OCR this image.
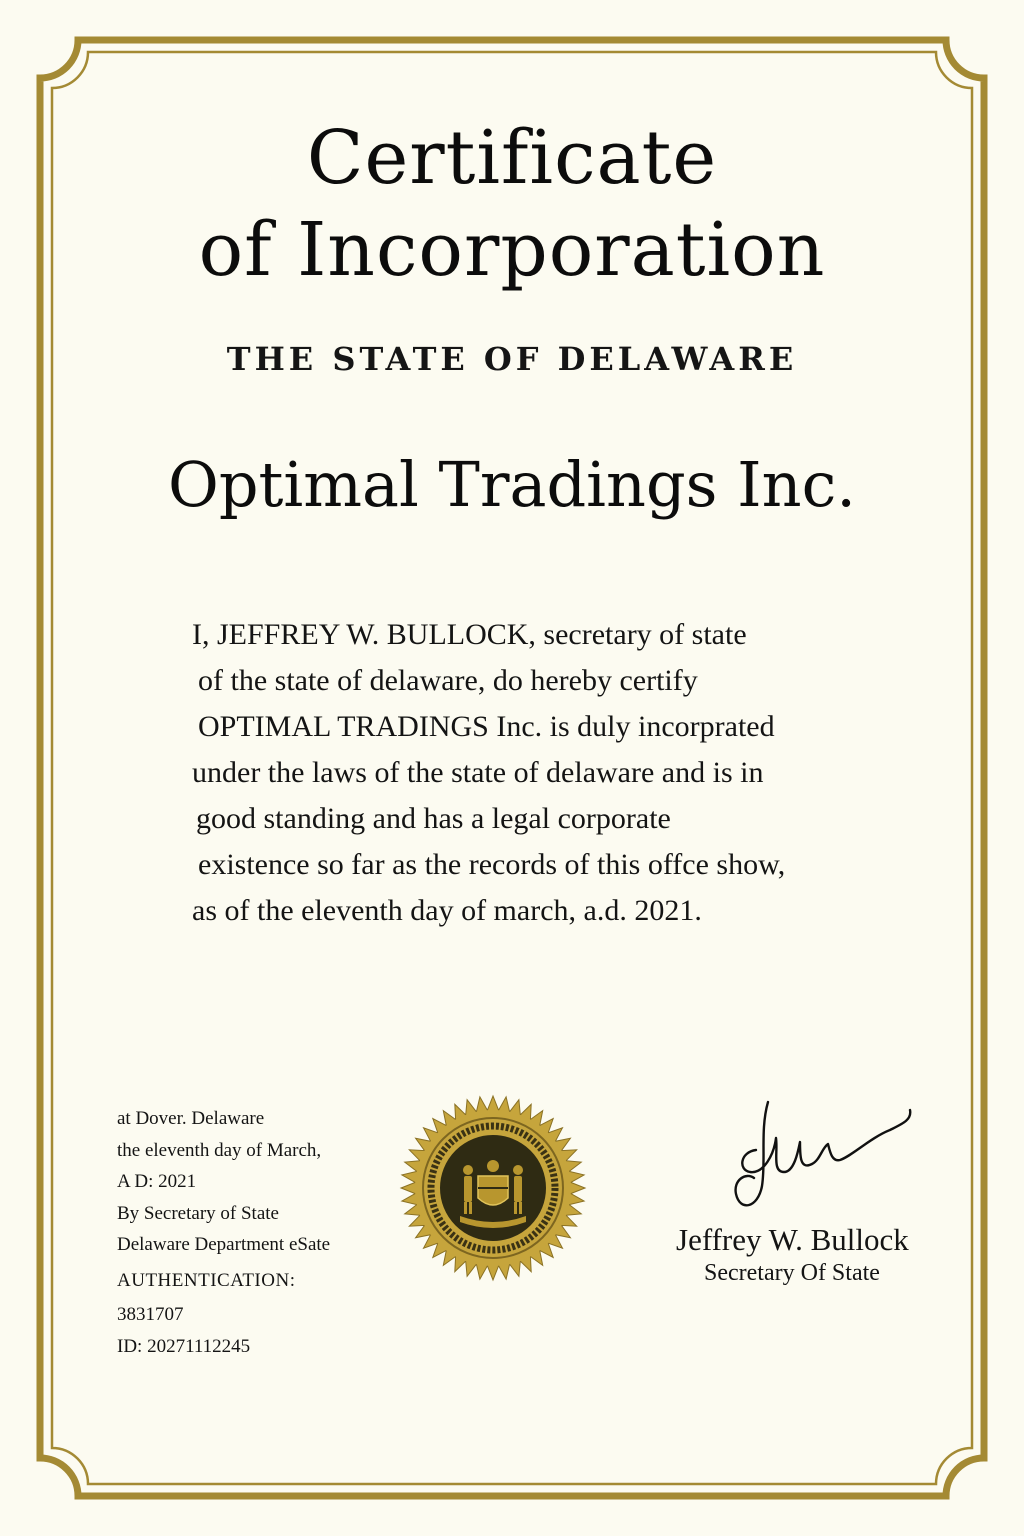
Certificate
of Incorporation
THE STATE OF DELAWARE
Optimal Tradings Inc.
I, JEFFREY W. BULLOCK, secretary of state
of the state of delaware, do hereby certify
OPTIMAL TRADINGS Inc. is duly incorprated
under the laws of the state of delaware and is in
good standing and has a legal corporate
existence so far as the records of this offce show,
as of the eleventh day of march, a.d. 2021.
at Dover. Delaware
the eleventh day of March,
A D: 2021
By Secretary of State
Delaware Department eSate
AUTHENTICATION:
3831707
ID: 20271112245
Jeffrey W. Bullock
Secretary Of State
